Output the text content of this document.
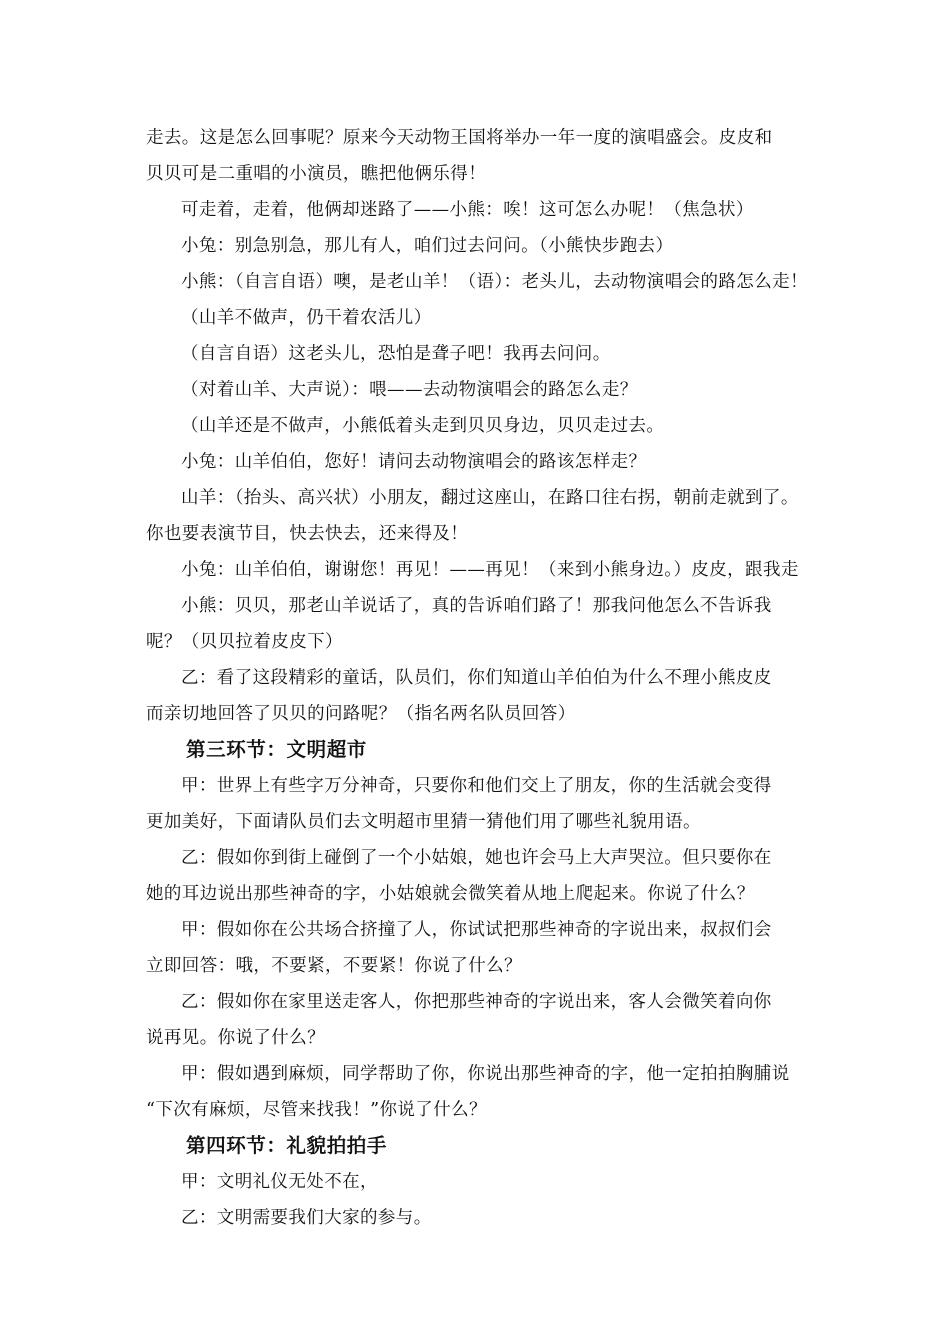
走去。这是怎么回事呢？原来今天动物王国将举办一年一度的演唱盛会。皮皮和
贝贝可是二重唱的小演员，瞧把他俩乐得！
可走着，走着，他俩却迷路了——小熊：唉！这可怎么办呢！（焦急状）
小兔：别急别急，那儿有人，咱们过去问问。（小熊快步跑去）
小熊：（自言自语）噢，是老山羊！（语）：老头儿，去动物演唱会的路怎么走！
（山羊不做声，仍干着农活儿）
（自言自语）这老头儿，恐怕是聋子吧！我再去问问。
（对着山羊、大声说）：喂——去动物演唱会的路怎么走？
（山羊还是不做声，小熊低着头走到贝贝身边，贝贝走过去。
小兔：山羊伯伯，您好！请问去动物演唱会的路该怎样走？
山羊：（抬头、高兴状）小朋友，翻过这座山，在路口往右拐，朝前走就到了。
你也要表演节目，快去快去，还来得及！
小兔：山羊伯伯，谢谢您！再见！——再见！（来到小熊身边。）皮皮，跟我走
小熊：贝贝，那老山羊说话了，真的告诉咱们路了！那我问他怎么不告诉我
呢？（贝贝拉着皮皮下）
乙：看了这段精彩的童话，队员们，你们知道山羊伯伯为什么不理小熊皮皮
而亲切地回答了贝贝的问路呢？（指名两名队员回答）
第三环节：文明超市
甲：世界上有些字万分神奇，只要你和他们交上了朋友，你的生活就会变得
更加美好，下面请队员们去文明超市里猜一猜他们用了哪些礼貌用语。
乙：假如你到街上碰倒了一个小姑娘，她也许会马上大声哭泣。但只要你在
她的耳边说出那些神奇的字，小姑娘就会微笑着从地上爬起来。你说了什么？
甲：假如你在公共场合挤撞了人，你试试把那些神奇的字说出来，叔叔们会
立即回答：哦，不要紧，不要紧！你说了什么？
乙：假如你在家里送走客人，你把那些神奇的字说出来，客人会微笑着向你
说再见。你说了什么？
甲：假如遇到麻烦，同学帮助了你，你说出那些神奇的字，他一定拍拍胸脯说
“下次有麻烦，尽管来找我！”你说了什么？
第四环节：礼貌拍拍手
甲：文明礼仪无处不在，
乙：文明需要我们大家的参与。
